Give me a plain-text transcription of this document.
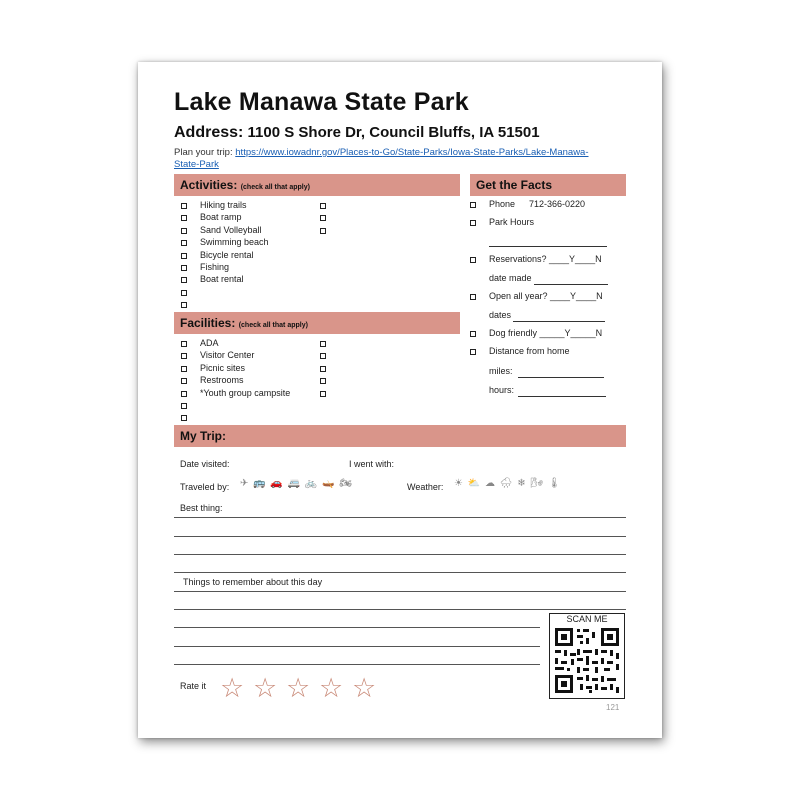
Lake Manawa State Park
Address: 1100 S Shore Dr, Council Bluffs, IA 51501
Plan your trip: https://www.iowadnr.gov/Places-to-Go/State-Parks/Iowa-State-Parks/Lake-Manawa-State-Park
Activities: (check all that apply)
Hiking trails
Boat ramp
Sand Volleyball
Swimming beach
Bicycle rental
Fishing
Boat rental
Facilities: (check all that apply)
ADA
Visitor Center
Picnic sites
Restrooms
*Youth group campsite
Get the Facts
Phone 712-366-0220
Park Hours
Reservations? ____Y____N
date made
Open all year? ____Y____N
dates
Dog friendly _____Y_____N
Distance from home
miles:
hours:
My Trip:
Date visited:	I went with:
Traveled by: ✈ 🚌 🚗 🚐 🚲 🛶 🏍	Weather: ☀ ⛅ ☁ 🌧 ❄ 🌬 🌡
Best thing:
Things to remember about this day
Rate it ☆ ☆ ☆ ☆ ☆
SCAN ME
121
